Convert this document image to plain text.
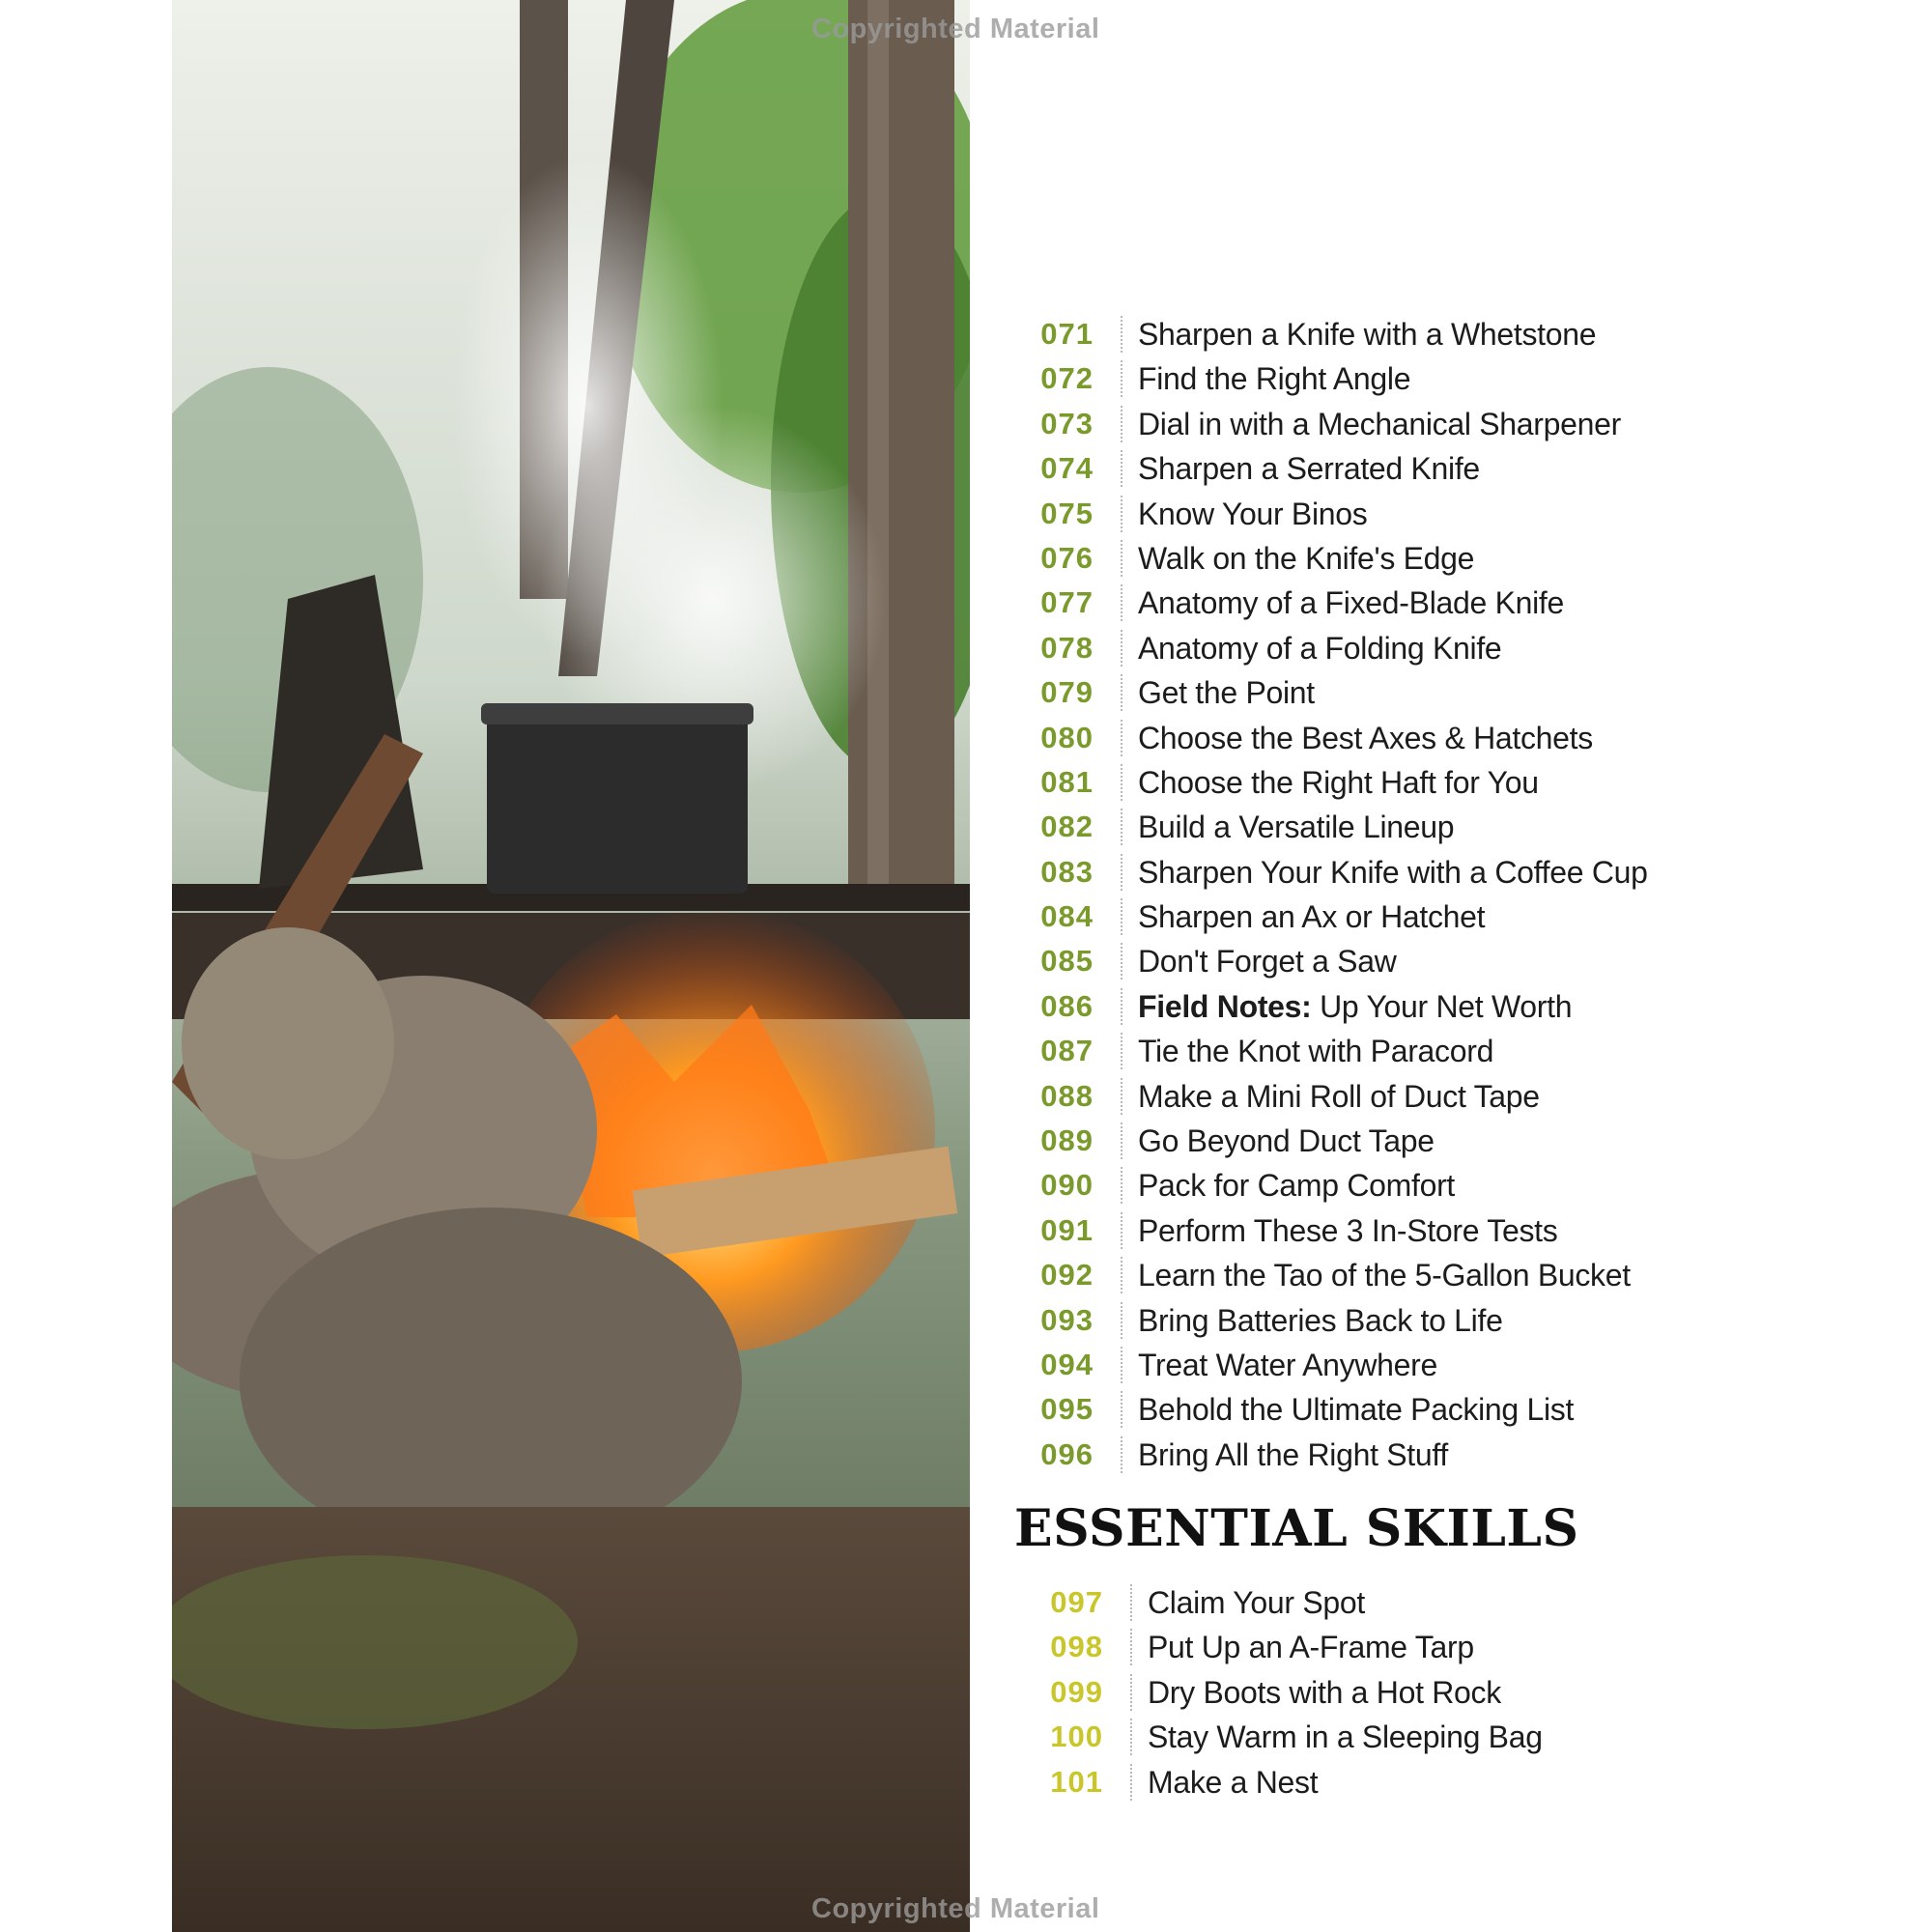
Copyrighted Material
Copyrighted Material
071 Sharpen a Knife with a Whetstone
072 Find the Right Angle
073 Dial in with a Mechanical Sharpener
074 Sharpen a Serrated Knife
075 Know Your Binos
076 Walk on the Knife's Edge
077 Anatomy of a Fixed-Blade Knife
078 Anatomy of a Folding Knife
079 Get the Point
080 Choose the Best Axes & Hatchets
081 Choose the Right Haft for You
082 Build a Versatile Lineup
083 Sharpen Your Knife with a Coffee Cup
084 Sharpen an Ax or Hatchet
085 Don't Forget a Saw
086 Field Notes: Up Your Net Worth
087 Tie the Knot with Paracord
088 Make a Mini Roll of Duct Tape
089 Go Beyond Duct Tape
090 Pack for Camp Comfort
091 Perform These 3 In-Store Tests
092 Learn the Tao of the 5-Gallon Bucket
093 Bring Batteries Back to Life
094 Treat Water Anywhere
095 Behold the Ultimate Packing List
096 Bring All the Right Stuff
ESSENTIAL SKILLS
097 Claim Your Spot
098 Put Up an A-Frame Tarp
099 Dry Boots with a Hot Rock
100 Stay Warm in a Sleeping Bag
101 Make a Nest
